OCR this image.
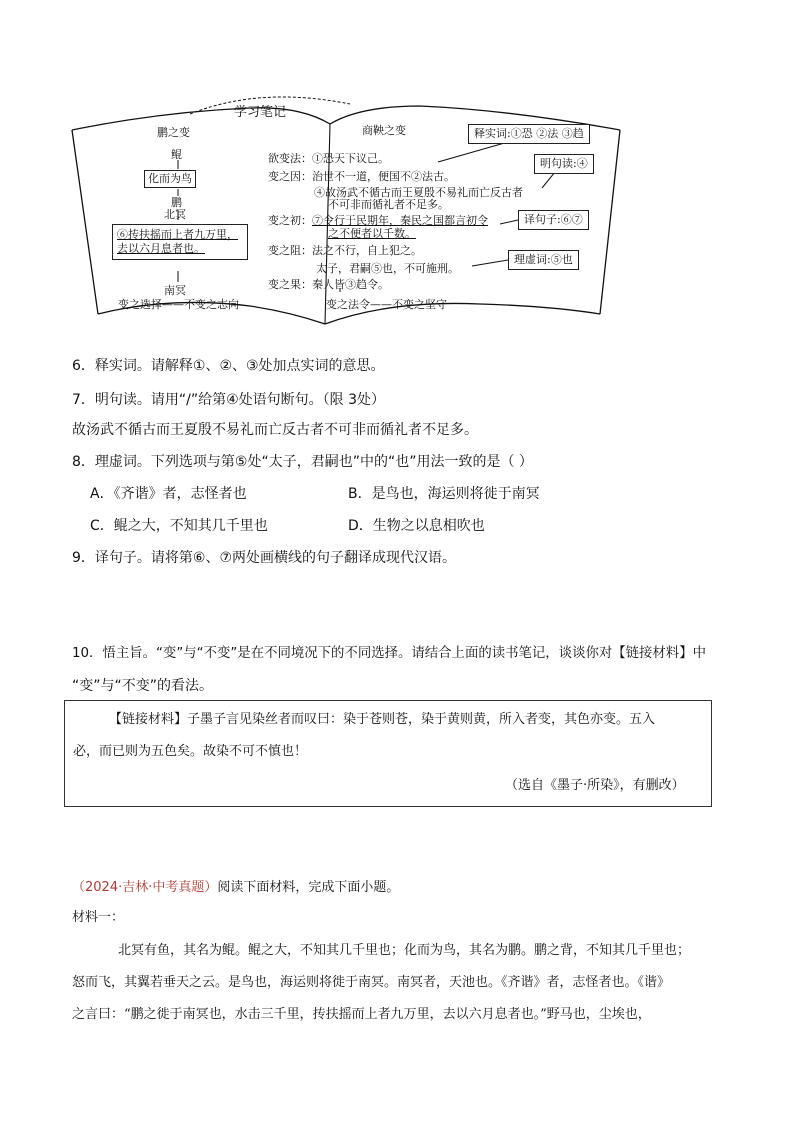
学习笔记
鹏之变
鲲
化而为鸟
鹏
北冥
⑥抟扶摇而上者九万里，
去以六月息者也。
南冥
变之选择——不变之志向
商鞅之变
欲变法：①恐天下议己。
变之因：治世不一道，便国不②法古。
④故汤武不循古而王夏殷不易礼而亡反古者
不可非而循礼者不足多。
变之初：⑦令行于民期年，秦民之国都言初令
之不便者以千数。
变之阻：法之不行，自上犯之。
太子，君嗣⑤也，不可施刑。
变之果：秦人皆③趋令。
变之法令——不变之坚守
释实词:①恐 ②法 ③趋
明句读:④
译句子:⑥⑦
理虚词:⑤也
6．释实词。请解释①、②、③处加点实词的意思。
7．明句读。请用“/”给第④处语句断句。（限 3处）
故汤武不循古而王夏殷不易礼而亡反古者不可非而循礼者不足多。
8．理虚词。下列选项与第⑤处“太子，君嗣也”中的“也”用法一致的是（ ）
A．《齐谐》者，志怪者也	B．是鸟也，海运则将徙于南冥
C．鲲之大，不知其几千里也	D．生物之以息相吹也
9．译句子。请将第⑥、⑦两处画横线的句子翻译成现代汉语。
10．悟主旨。“变”与“不变”是在不同境况下的不同选择。请结合上面的读书笔记，谈谈你对【链接材料】中
“变”与“不变”的看法。
【链接材料】子墨子言见染丝者而叹曰：染于苍则苍，染于黄则黄，所入者变，其色亦变。五入
必，而已则为五色矣。故染不可不慎也！
（选自《墨子·所染》，有删改）
（2024·吉林·中考真题）阅读下面材料，完成下面小题。
材料一：
北冥有鱼，其名为鲲。鲲之大，不知其几千里也；化而为鸟，其名为鹏。鹏之背，不知其几千里也；
怒而飞，其翼若垂天之云。是鸟也，海运则将徙于南冥。南冥者，天池也。《齐谐》者，志怪者也。《谐》
之言曰：“鹏之徙于南冥也，水击三千里，抟扶摇而上者九万里，去以六月息者也。”野马也，尘埃也，
